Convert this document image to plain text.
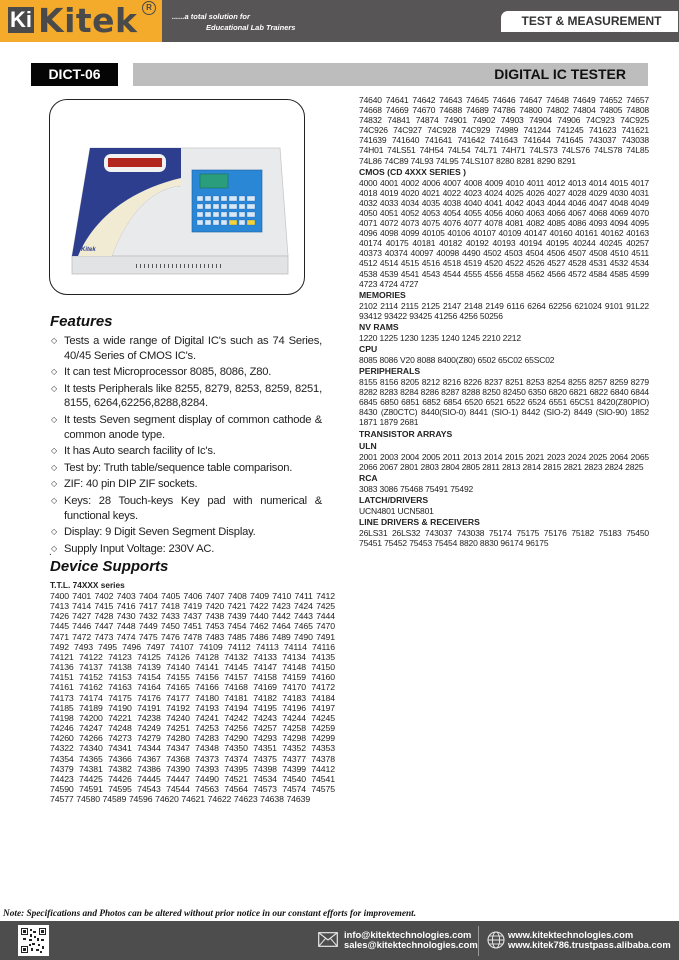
Ki Kitek	R
......a total solution for
Educational Lab Trainers	TEST & MEASUREMENT
DICT-06	DIGITAL IC TESTER
Kitek
Features
◇ Tests a wide range of Digital IC's such as 74 Series, 40/45 Series of CMOS IC's.
◇ It can test Microprocessor 8085, 8086, Z80.
◇ It tests Peripherals like 8255, 8279, 8253, 8259, 8251, 8155, 6264,62256,8288,8284.
◇ It tests Seven segment display of common cathode & common anode type.
◇ It has Auto search facility of Ic's.
◇ Test by: Truth table/sequence table comparison.
◇ ZIF: 40 pin DIP ZIF sockets.
◇ Keys: 28 Touch-keys Key pad with numerical & functional keys.
◇ Display: 9 Digit Seven Segment Display.
◇ Supply Input Voltage: 230V AC.
.
Device Supports
T.T.L. 74XXX series
7400 7401 7402 7403 7404 7405 7406 7407 7408 7409 7410 7411 7412 7413 7414 7415 7416 7417 7418 7419 7420 7421 7422 7423 7424 7425 7426 7427 7428 7430 7432 7433 7437 7438 7439 7440 7442 7443 7444 7445 7446 7447 7448 7449 7450 7451 7453 7454 7462 7464 7465 7470 7471 7472 7473 7474 7475 7476 7478 7483 7485 7486 7489 7490 7491 7492 7493 7495 7496 7497 74107 74109 74112 74113 74114 74116 74121 74122 74123 74125 74126 74128 74132 74133 74134 74135 74136 74137 74138 74139 74140 74141 74145 74147 74148 74150 74151 74152 74153 74154 74155 74156 74157 74158 74159 74160 74161 74162 74163 74164 74165 74166 74168 74169 74170 74172 74173 74174 74175 74176 74177 74180 74181 74182 74183 74184 74185 74189 74190 74191 74192 74193 74194 74195 74196 74197 74198 74200 74221 74238 74240 74241 74242 74243 74244 74245 74246 74247 74248 74249 74251 74253 74256 74257 74258 74259 74260 74266 74273 74279 74280 74283 74290 74293 74298 74299 74322 74340 74341 74344 74347 74348 74350 74351 74352 74353 74354 74365 74366 74367 74368 74373 74374 74375 74377 74378 74379 74381 74382 74386 74390 74393 74395 74398 74399 74412 74423 74425 74426 74445 74447 74490 74521 74534 74540 74541 74590 74591 74595 74543 74544 74563 74564 74573 74574 74575 74577 74580 74589 74596 74620 74621 74622 74623 74638 74639
74640 74641 74642 74643 74645 74646 74647 74648 74649 74652 74657 74668 74669 74670 74688 74689 74786 74800 74802 74804 74805 74808 74832 74841 74874 74901 74902 74903 74904 74906 74C923 74C925 74C926 74C927 74C928 74C929 74989 741244 741245 741623 741621 741639 741640 741641 741642 741643 741644 741645 743037 743038 74H01 74LS51 74H54 74L54 74L71 74H71 74LS73 74LS76 74LS78 74L85 74L86 74C89 74L93 74L95 74LS107 8280 8281 8290 8291
CMOS (CD 4XXX SERIES )
4000 4001 4002 4006 4007 4008 4009 4010 4011 4012 4013 4014 4015 4017 4018 4019 4020 4021 4022 4023 4024 4025 4026 4027 4028 4029 4030 4031 4032 4033 4034 4035 4038 4040 4041 4042 4043 4044 4046 4047 4048 4049 4050 4051 4052 4053 4054 4055 4056 4060 4063 4066 4067 4068 4069 4070 4071 4072 4073 4075 4076 4077 4078 4081 4082 4085 4086 4093 4094 4095 4096 4098 4099 40105 40106 40107 40109 40147 40160 40161 40162 40163 40174 40175 40181 40182 40192 40193 40194 40195 40244 40245 40257 40373 40374 40097 40098 4490 4502 4503 4504 4506 4507 4508 4510 4511 4512 4514 4515 4516 4518 4519 4520 4522 4526 4527 4528 4531 4532 4534 4538 4539 4541 4543 4544 4555 4556 4558 4562 4566 4572 4584 4585 4599 4723 4724 4727
MEMORIES
2102 2114 2115 2125 2147 2148 2149 6116 6264 62256 621024 9101 91L22 93412 93422 93425 41256 4256 50256
NV RAMS
1220 1225 1230 1235 1240 1245 2210 2212
CPU
8085 8086 V20 8088 8400(Z80) 6502 65C02 65SC02
PERIPHERALS
8155 8156 8205 8212 8216 8226 8237 8251 8253 8254 8255 8257 8259 8279 8282 8283 8284 8286 8287 8288 8250 82450 6350 6820 6821 6822 6840 6844 6845 6850 6851 6852 6854 6520 6521 6522 6524 6551 65C51 8420(Z80PIO) 8430 (Z80CTC) 8440(SIO-0) 8441 (SIO-1) 8442 (SIO-2) 8449 (SIO-90) 1852 1871 1879 2681
TRANSISTOR ARRAYS
ULN
2001 2003 2004 2005 2011 2013 2014 2015 2021 2023 2024 2025 2064 2065 2066 2067 2801 2803 2804 2805 2811 2813 2814 2815 2821 2823 2824 2825
RCA
3083 3086 75468 75491 75492
LATCH/DRIVERS
UCN4801 UCN5801
LINE DRIVERS & RECEIVERS
26LS31 26LS32 743037 743038 75174 75175 75176 75182 75183 75450 75451 75452 75453 75454 8820 8830 96174 96175
Note: Specifications and Photos can be altered without prior notice in our constant efforts for improvement.
info@kitektechnologies.com
sales@kitektechnologies.com
www.kitektechnologies.com
www.kitek786.trustpass.alibaba.com
